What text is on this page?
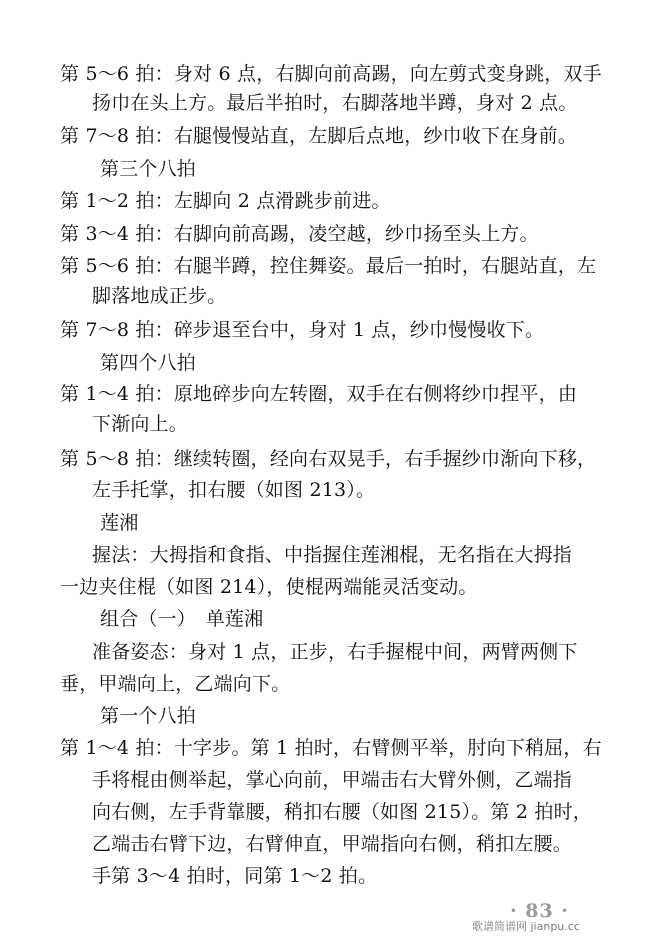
第 5～6 拍：身对 6 点，右脚向前高踢，向左剪式变身跳，双手
扬巾在头上方。最后半拍时，右脚落地半蹲，身对 2 点。
第 7～8 拍：右腿慢慢站直，左脚后点地，纱巾收下在身前。
第三个八拍
第 1～2 拍：左脚向 2 点滑跳步前进。
第 3～4 拍：右脚向前高踢，凌空越，纱巾扬至头上方。
第 5～6 拍：右腿半蹲，控住舞姿。最后一拍时，右腿站直，左
脚落地成正步。
第 7～8 拍：碎步退至台中，身对 1 点，纱巾慢慢收下。
第四个八拍
第 1～4 拍：原地碎步向左转圈，双手在右侧将纱巾捏平，由
下渐向上。
第 5～8 拍：继续转圈，经向右双晃手，右手握纱巾渐向下移，
左手托掌，扣右腰（如图 213）。
莲湘
握法：大拇指和食指、中指握住莲湘棍，无名指在大拇指
一边夹住棍（如图 214），使棍两端能灵活变动。
组合（一）　单莲湘
准备姿态：身对 1 点，正步，右手握棍中间，两臂两侧下
垂，甲端向上，乙端向下。
第一个八拍
第 1～4 拍：十字步。第 1 拍时，右臂侧平举，肘向下稍屈，右
手将棍由侧举起，掌心向前，甲端击右大臂外侧，乙端指
向右侧，左手背靠腰，稍扣右腰（如图 215）。第 2 拍时，
乙端击右臂下边，右臂伸直，甲端指向右侧，稍扣左腰。
手第 3～4 拍时，同第 1～2 拍。
· 83 ·
歌谱简谱网 jianpu.cc
